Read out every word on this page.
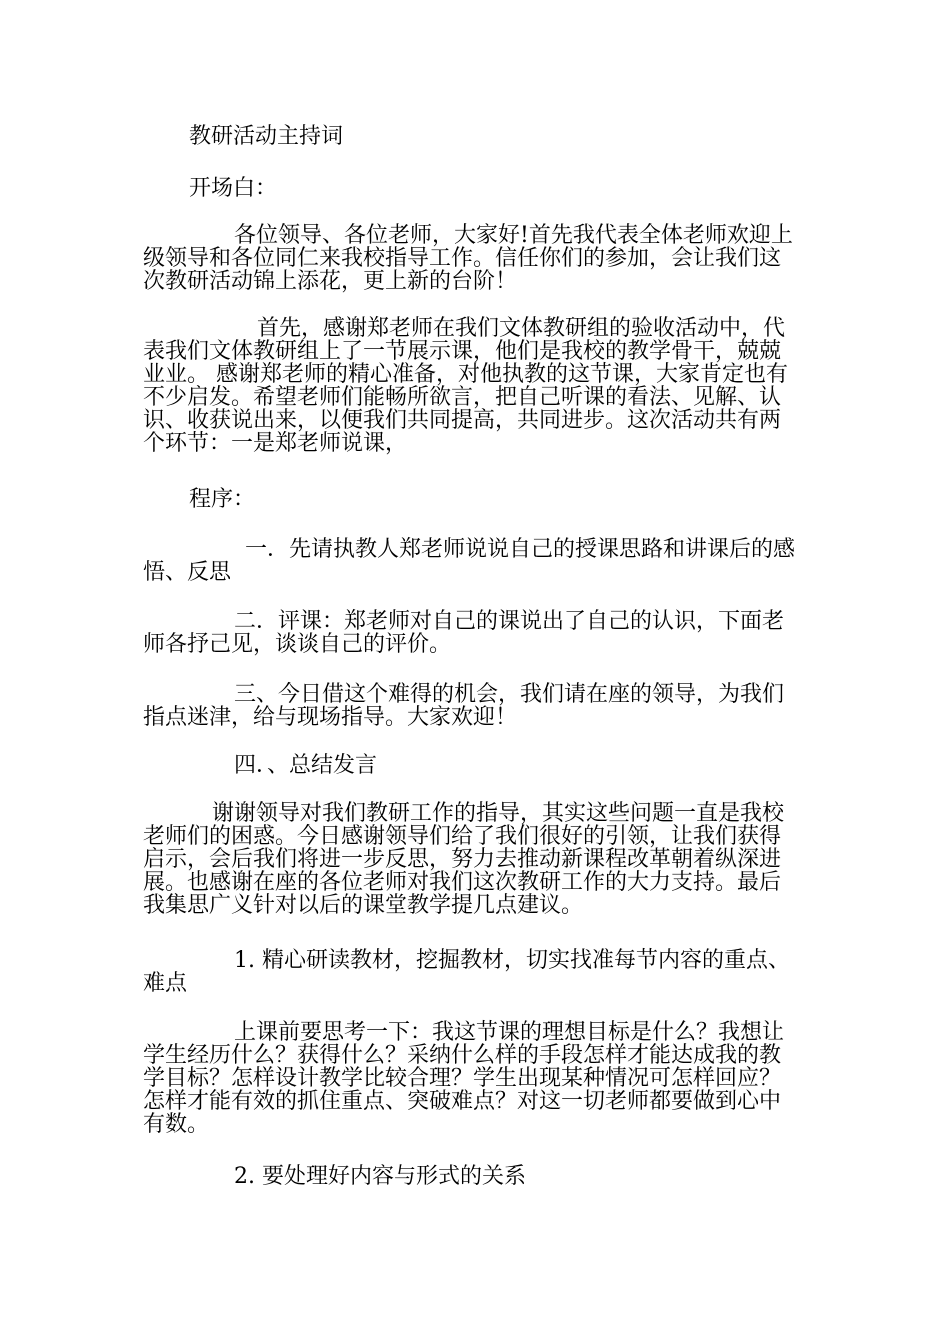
教研活动主持词
开场白：
各位领导、各位老师，大家好!首先我代表全体老师欢迎上
级领导和各位同仁来我校指导工作。信任你们的参加，会让我们这
次教研活动锦上添花，更上新的台阶！
首先，感谢郑老师在我们文体教研组的验收活动中，代
表我们文体教研组上了一节展示课，他们是我校的教学骨干，兢兢
业业。 感谢郑老师的精心准备，对他执教的这节课，大家肯定也有
不少启发。希望老师们能畅所欲言，把自己听课的看法、见解、认
识、收获说出来，以便我们共同提高，共同进步。这次活动共有两
个环节：一是郑老师说课，
程序：
一．先请执教人郑老师说说自己的授课思路和讲课后的感
悟、反思
二．评课：郑老师对自己的课说出了自己的认识，下面老
师各抒己见，谈谈自己的评价。
三、今日借这个难得的机会，我们请在座的领导，为我们
指点迷津，给与现场指导。大家欢迎！
四．、总结发言
谢谢领导对我们教研工作的指导，其实这些问题一直是我校
老师们的困惑。今日感谢领导们给了我们很好的引领，让我们获得
启示，会后我们将进一步反思，努力去推动新课程改革朝着纵深进
展。也感谢在座的各位老师对我们这次教研工作的大力支持。最后
我集思广义针对以后的课堂教学提几点建议。
1. 精心研读教材，挖掘教材，切实找准每节内容的重点、
难点
上课前要思考一下：我这节课的理想目标是什么？我想让
学生经历什么？获得什么？采纳什么样的手段怎样才能达成我的教
学目标？怎样设计教学比较合理？学生出现某种情况可怎样回应？
怎样才能有效的抓住重点、突破难点？对这一切老师都要做到心中
有数。
2. 要处理好内容与形式的关系
